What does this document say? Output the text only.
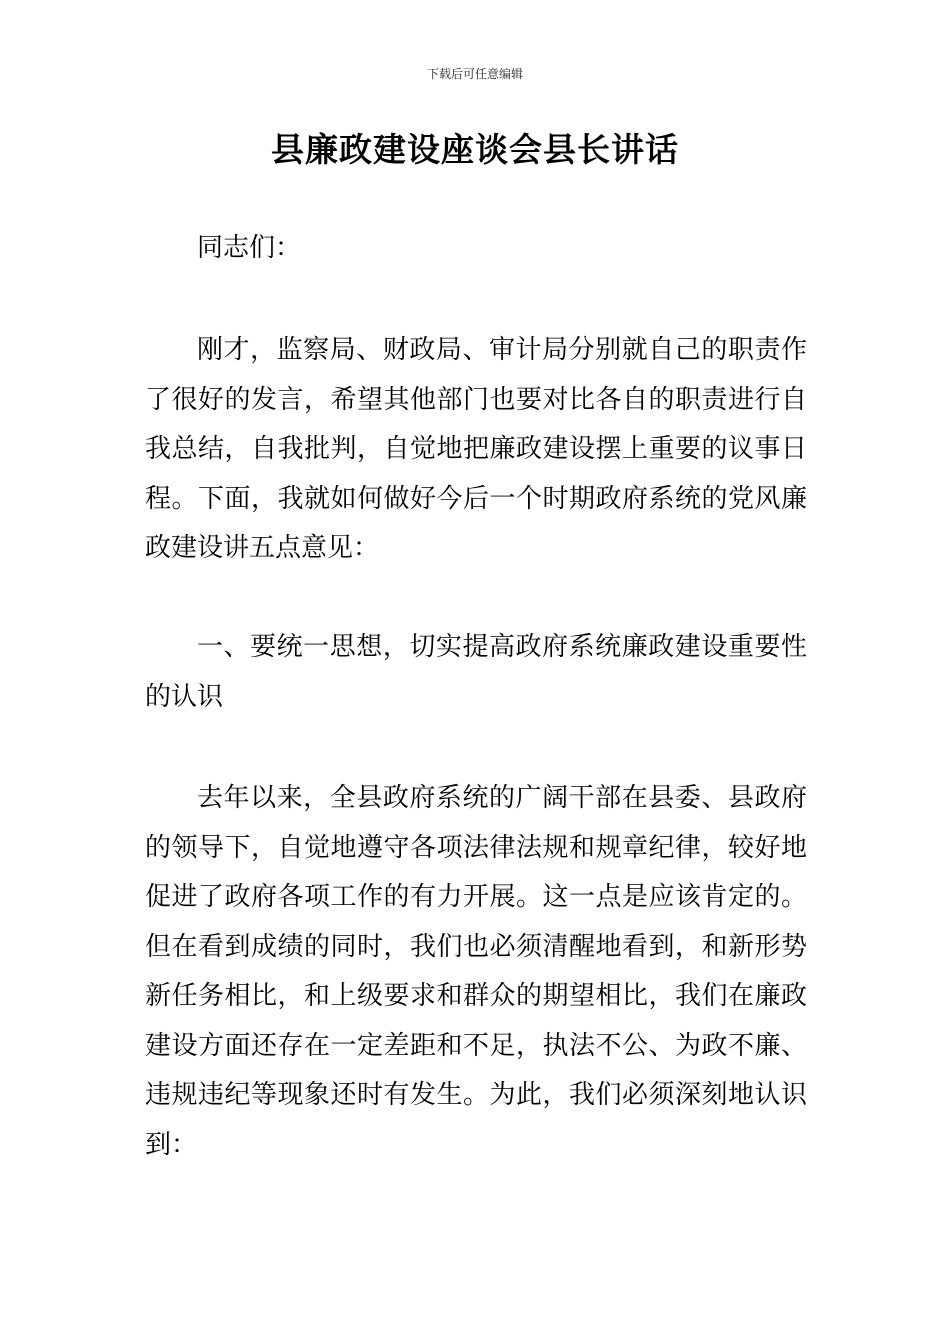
下载后可任意编辑
县廉政建设座谈会县长讲话

同志们：

刚才，监察局、财政局、审计局分别就自己的职责作了很好的发言，希望其他部门也要对比各自的职责进行自我总结，自我批判，自觉地把廉政建设摆上重要的议事日程。下面，我就如何做好今后一个时期政府系统的党风廉政建设讲五点意见：

一、要统一思想，切实提高政府系统廉政建设重要性的认识

去年以来，全县政府系统的广阔干部在县委、县政府的领导下，自觉地遵守各项法律法规和规章纪律，较好地促进了政府各项工作的有力开展。这一点是应该肯定的。但在看到成绩的同时，我们也必须清醒地看到，和新形势新任务相比，和上级要求和群众的期望相比，我们在廉政建设方面还存在一定差距和不足，执法不公、为政不廉、违规违纪等现象还时有发生。为此，我们必须深刻地认识到：
